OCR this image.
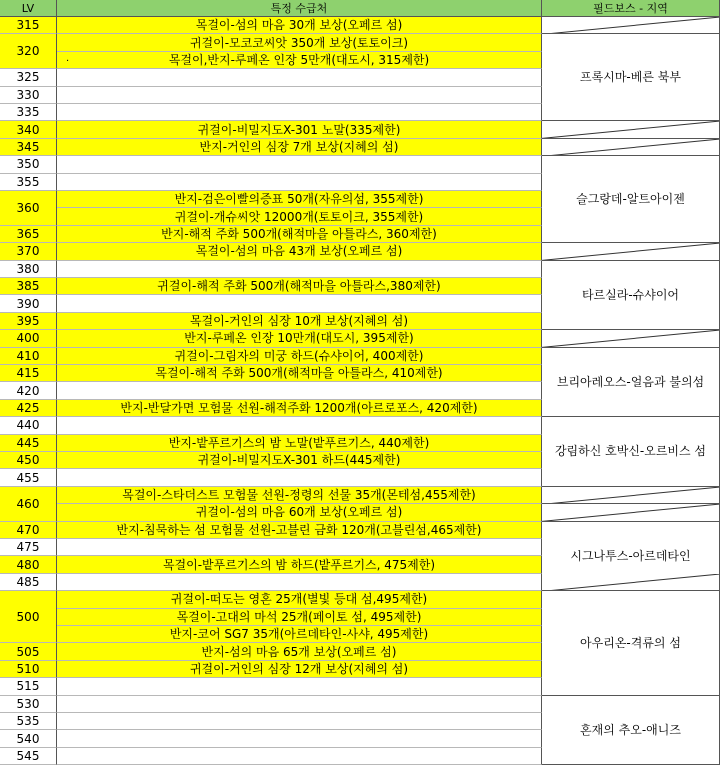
LV	특정 수급처	필드보스 - 지역
315
320
325
330
335
340
345
350
355
360
365
370
380
385
390
395
400
410
415
420
425
440
445
450
455
460
470
475
480
485
500
505
510
515
530
535
540
545
목걸이-섬의 마음 30개 보상(오페르 섬)
귀걸이-모코코씨앗 350개 보상(토토이크)
목걸이,반지-루페온 인장 5만개(대도시, 315제한)
귀걸이-비밀지도X-301 노말(335제한)
반지-거인의 심장 7개 보상(지혜의 섬)
반지-검은이빨의증표 50개(자유의섬, 355제한)
귀걸이-개슈씨앗 12000개(토토이크, 355제한)
반지-해적 주화 500개(해적마을 아틀라스, 360제한)
목걸이-섬의 마음 43개 보상(오페르 섬)
귀걸이-해적 주화 500개(해적마을 아틀라스,380제한)
목걸이-거인의 심장 10개 보상(지혜의 섬)
반지-루페온 인장 10만개(대도시, 395제한)
귀걸이-그림자의 미궁 하드(슈샤이어, 400제한)
목걸이-해적 주화 500개(해적마을 아틀라스, 410제한)
반지-반달가면 모험물 선원-해적주화 1200개(아르로포스, 420제한)
반지-밭푸르기스의 밤 노말(밭푸르기스, 440제한)
귀걸이-비밀지도X-301 하드(445제한)
목걸이-스타더스트 모험물 선원-정령의 선물 35개(몬테섬,455제한)
귀걸이-섬의 마음 60개 보상(오페르 섬)
반지-침묵하는 섬 모험물 선원-고블린 금화 120개(고블린섬,465제한)
목걸이-밭푸르기스의 밤 하드(밭푸르기스, 475제한)
귀걸이-떠도는 영혼 25개(별빛 등대 섬,495제한)
목걸이-고대의 마석 25개(페이토 섬, 495제한)
반지-코어 SG7 35개(아르데타인-사샤, 495제한)
반지-섬의 마음 65개 보상(오페르 섬)
귀걸이-거인의 심장 12개 보상(지혜의 섬)
.
프록시마-베른 북부
슬그랑데-알트아이젠
타르실라-슈샤이어
브리아레오스-얼음과 불의섬
강림하신 호박신-오르비스 섬
시그나투스-아르데타인
아우리온-격류의 섬
혼재의 추오-애니즈
